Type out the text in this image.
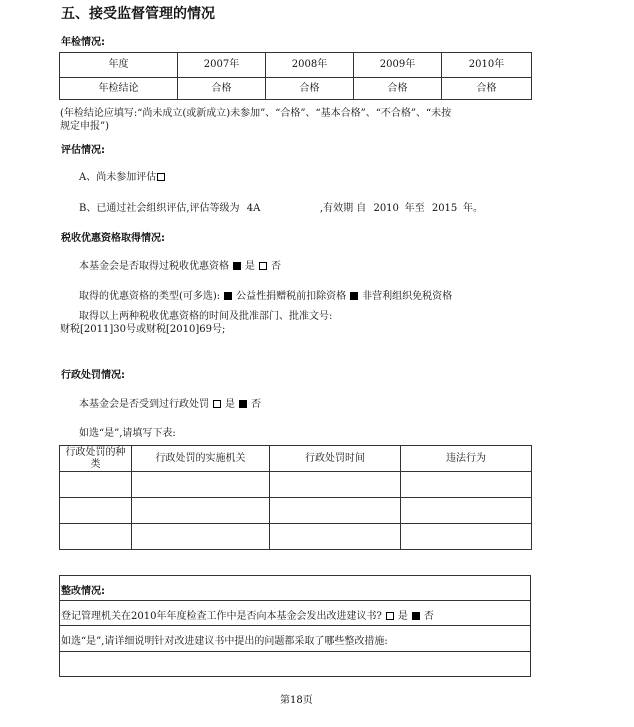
五、接受监督管理的情况
年检情况:
年度	2007年	2008年	2009年	2010年
年检结论	合格	合格	合格	合格
(年检结论应填写:“尚未成立(或新成立)未参加”、“合格”、“基本合格”、“不合格”、“未按
规定申报”)
评估情况:
A、尚未参加评估
B、已通过社会组织评估,评估等级为 4A	,有效期 自 2010 年至 2015 年。
税收优惠资格取得情况:
本基金会是否取得过税收优惠资格 是 否
取得的优惠资格的类型(可多选): 公益性捐赠税前扣除资格 非营利组织免税资格
取得以上两种税收优惠资格的时间及批准部门、批准文号:
财税[2011]30号或财税[2010]69号;
行政处罚情况:
本基金会是否受到过行政处罚 是 否
如选“是”,请填写下表:
行政处罚的种类	行政处罚的实施机关	行政处罚时间	违法行为

整改情况:
登记管理机关在2010年年度检查工作中是否向本基金会发出改进建议书? 是 否
如选“是”,请详细说明针对改进建议书中提出的问题都采取了哪些整改措施:
第18页
